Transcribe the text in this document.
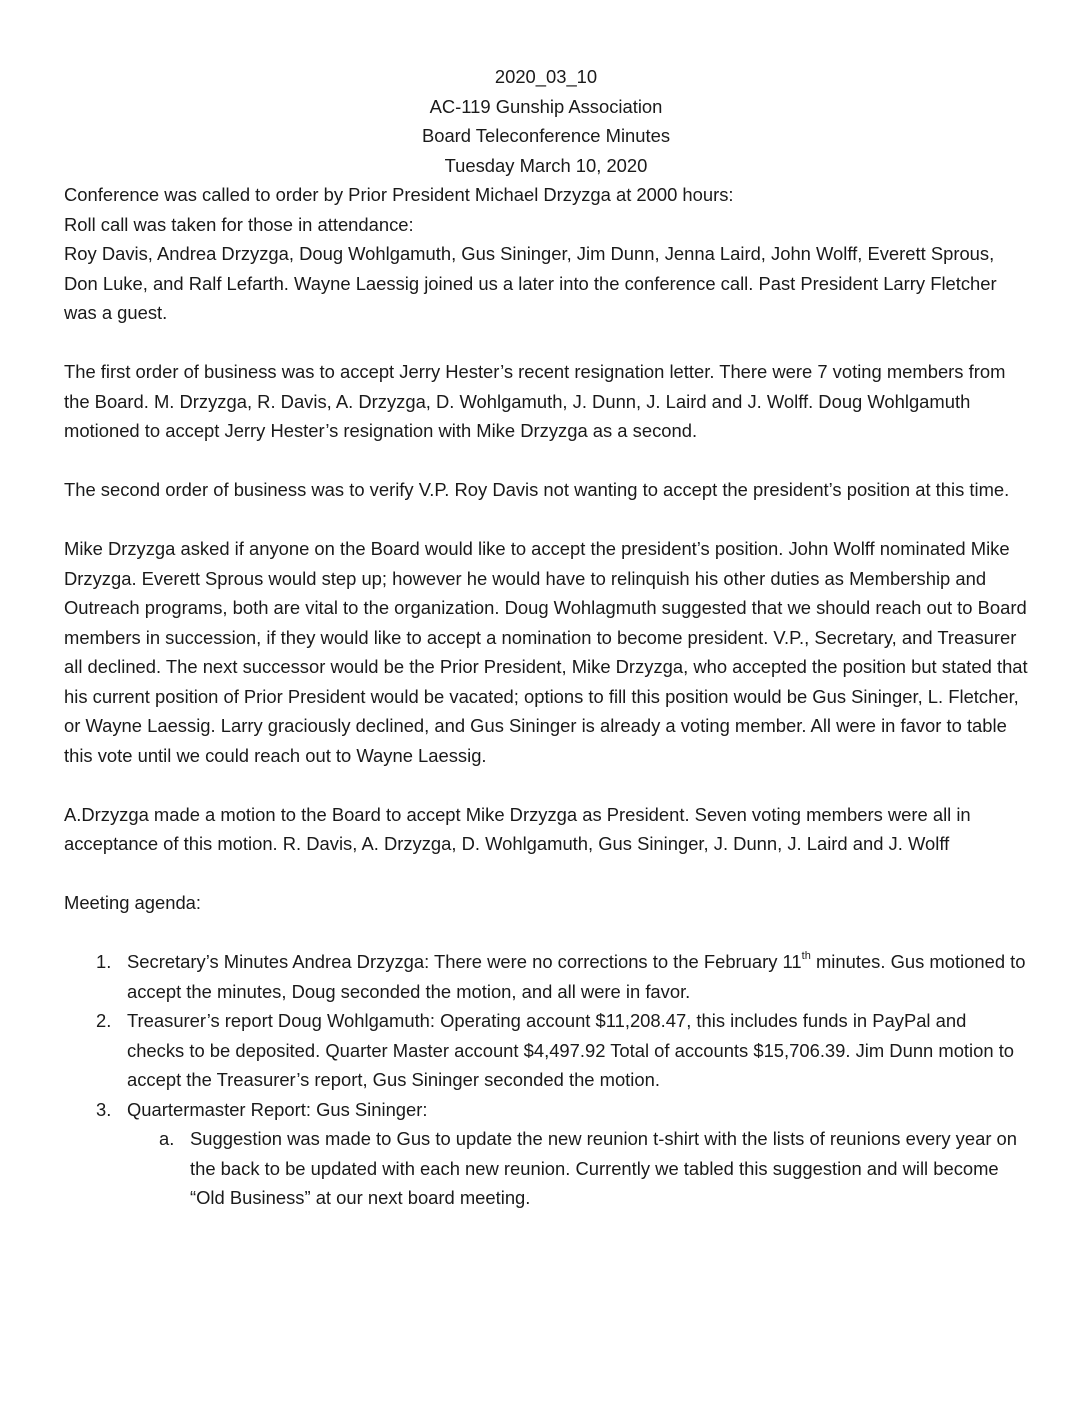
2020_03_10
AC-119 Gunship Association
Board Teleconference Minutes
Tuesday March 10, 2020

Conference was called to order by Prior President Michael Drzyzga at 2000 hours:

Roll call was taken for those in attendance:

Roy Davis, Andrea Drzyzga, Doug Wohlgamuth, Gus Sininger, Jim Dunn, Jenna Laird, John Wolff, Everett Sprous, Don Luke, and Ralf Lefarth. Wayne Laessig joined us a later into the conference call. Past President Larry Fletcher was a guest.

The first order of business was to accept Jerry Hester’s recent resignation letter. There were 7 voting members from the Board. M. Drzyzga, R. Davis, A. Drzyzga, D. Wohlgamuth, J. Dunn, J. Laird and J. Wolff. Doug Wohlgamuth motioned to accept Jerry Hester’s resignation with Mike Drzyzga as a second.

The second order of business was to verify V.P. Roy Davis not wanting to accept the president’s position at this time.

Mike Drzyzga asked if anyone on the Board would like to accept the president’s position. John Wolff nominated Mike Drzyzga. Everett Sprous would step up; however he would have to relinquish his other duties as Membership and Outreach programs, both are vital to the organization. Doug Wohlagmuth suggested that we should reach out to Board members in succession, if they would like to accept a nomination to become president. V.P., Secretary, and Treasurer all declined. The next successor would be the Prior President, Mike Drzyzga, who accepted the position but stated that his current position of Prior President would be vacated; options to fill this position would be Gus Sininger, L. Fletcher, or Wayne Laessig. Larry graciously declined, and Gus Sininger is already a voting member. All were in favor to table this vote until we could reach out to Wayne Laessig.

A.Drzyzga made a motion to the Board to accept Mike Drzyzga as President. Seven voting members were all in acceptance of this motion. R. Davis, A. Drzyzga, D. Wohlgamuth, Gus Sininger, J. Dunn, J. Laird and J. Wolff

Meeting agenda:

1. Secretary’s Minutes Andrea Drzyzga: There were no corrections to the February 11th minutes. Gus motioned to accept the minutes, Doug seconded the motion, and all were in favor.
2. Treasurer’s report Doug Wohlgamuth: Operating account $11,208.47, this includes funds in PayPal and checks to be deposited. Quarter Master account $4,497.92 Total of accounts $15,706.39. Jim Dunn motion to accept the Treasurer’s report, Gus Sininger seconded the motion.
3. Quartermaster Report: Gus Sininger:
a. Suggestion was made to Gus to update the new reunion t-shirt with the lists of reunions every year on the back to be updated with each new reunion. Currently we tabled this suggestion and will become “Old Business” at our next board meeting.
